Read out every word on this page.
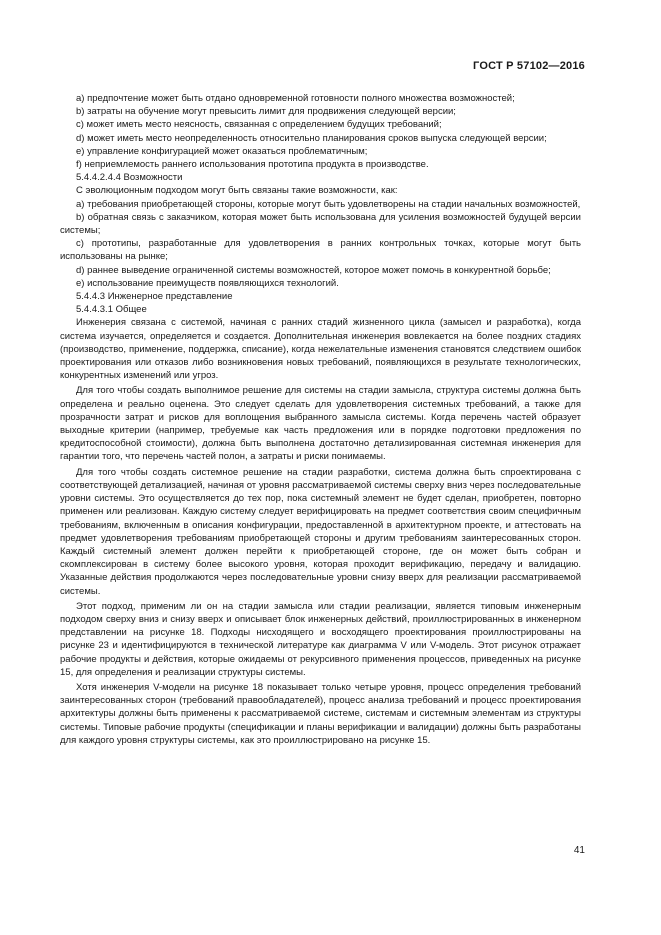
ГОСТ Р 57102—2016

a) предпочтение может быть отдано одновременной готовности полного множества возможностей;

b) затраты на обучение могут превысить лимит для продвижения следующей версии;

c) может иметь место неясность, связанная с определением будущих требований;

d) может иметь место неопределенность относительно планирования сроков выпуска следующей версии;

e) управление конфигурацией может оказаться проблематичным;

f) неприемлемость раннего использования прототипа продукта в производстве.

5.4.4.2.4.4 Возможности

С эволюционным подходом могут быть связаны такие возможности, как:

a) требования приобретающей стороны, которые могут быть удовлетворены на стадии начальных возможностей,

b) обратная связь с заказчиком, которая может быть использована для усиления возможностей будущей версии системы;

c) прототипы, разработанные для удовлетворения в ранних контрольных точках, которые могут быть использованы на рынке;

d) раннее выведение ограниченной системы возможностей, которое может помочь в конкурентной борьбе;

e) использование преимуществ появляющихся технологий.

5.4.4.3 Инженерное представление

5.4.4.3.1 Общее

Инженерия связана с системой, начиная с ранних стадий жизненного цикла (замысел и разработка), когда система изучается, определяется и создается. Дополнительная инженерия вовлекается на более поздних стадиях (производство, применение, поддержка, списание), когда нежелательные изменения становятся следствием ошибок проектирования или отказов либо возникновения новых требований, появляющихся в результате технологических, конкурентных изменений или угроз.

Для того чтобы создать выполнимое решение для системы на стадии замысла, структура системы должна быть определена и реально оценена. Это следует сделать для удовлетворения системных требований, а также для прозрачности затрат и рисков для воплощения выбранного замысла системы. Когда перечень частей образует выходные критерии (например, требуемые как часть предложения или в порядке подготовки предложения по кредитоспособной стоимости), должна быть выполнена достаточно детализированная системная инженерия для гарантии того, что перечень частей полон, а затраты и риски понимаемы.

Для того чтобы создать системное решение на стадии разработки, система должна быть спроектирована с соответствующей детализацией, начиная от уровня рассматриваемой системы сверху вниз через последовательные уровни системы. Это осуществляется до тех пор, пока системный элемент не будет сделан, приобретен, повторно применен или реализован. Каждую систему следует верифицировать на предмет соответствия своим специфичным требованиям, включенным в описания конфигурации, предоставленной в архитектурном проекте, и аттестовать на предмет удовлетворения требованиям приобретающей стороны и другим требованиям заинтересованных сторон. Каждый системный элемент должен перейти к приобретающей стороне, где он может быть собран и скомплексирован в систему более высокого уровня, которая проходит верификацию, передачу и валидацию. Указанные действия продолжаются через последовательные уровни снизу вверх для реализации рассматриваемой системы.

Этот подход, применим ли он на стадии замысла или стадии реализации, является типовым инженерным подходом сверху вниз и снизу вверх и описывает блок инженерных действий, проиллюстрированных в инженерном представлении на рисунке 18. Подходы нисходящего и восходящего проектирования проиллюстрированы на рисунке 23 и идентифицируются в технической литературе как диаграмма V или V-модель. Этот рисунок отражает рабочие продукты и действия, которые ожидаемы от рекурсивного применения процессов, приведенных на рисунке 15, для определения и реализации структуры системы.

Хотя инженерия V-модели на рисунке 18 показывает только четыре уровня, процесс определения требований заинтересованных сторон (требований правообладателей), процесс анализа требований и процесс проектирования архитектуры должны быть применены к рассматриваемой системе, системам и системным элементам из структуры системы. Типовые рабочие продукты (спецификации и планы верификации и валидации) должны быть разработаны для каждого уровня структуры системы, как это проиллюстрировано на рисунке 15.

41
